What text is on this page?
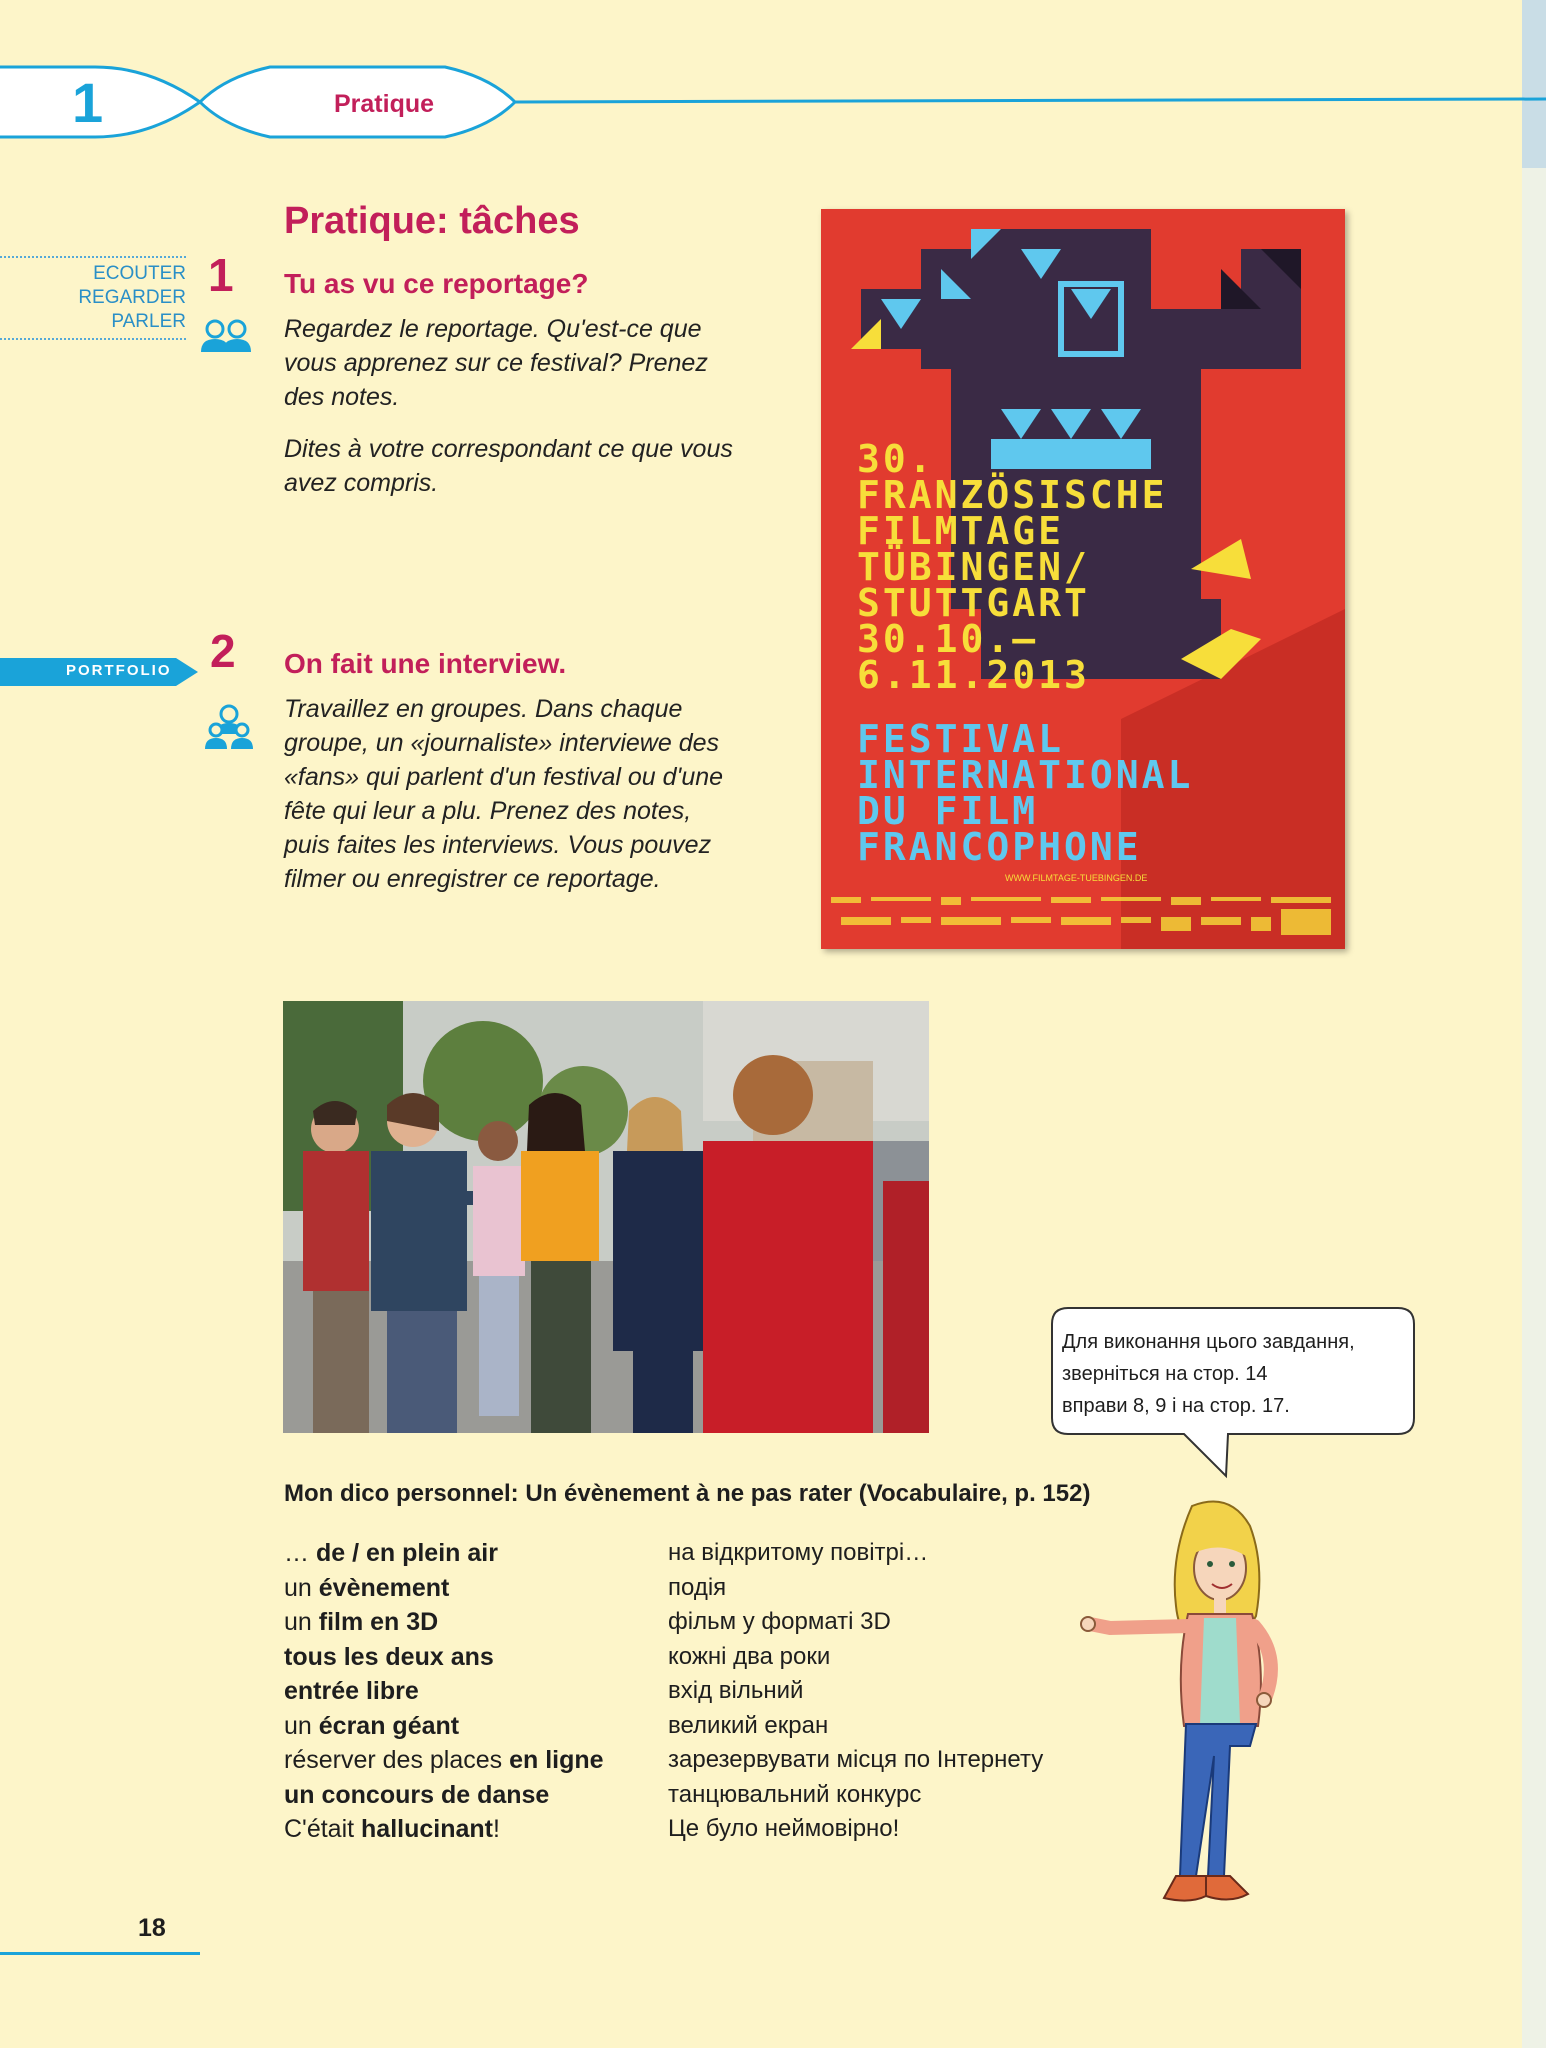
1	Pratique
Pratique: tâches
ECOUTER
REGARDER
PARLER
1 Tu as vu ce reportage?

Regardez le reportage. Qu'est-ce que vous apprenez sur ce festival? Prenez des notes.

Dites à votre correspondant ce que vous avez compris.

PORTFOLIO 2 On fait une interview.

Travaillez en groupes. Dans chaque groupe, un «journaliste» interviewe des «fans» qui parlent d'un festival ou d'une fête qui leur a plu. Prenez des notes, puis faites les interviews. Vous pouvez filmer ou enregistrer ce reportage.

30.
FRANZÖSISCHE
FILMTAGE
TÜBINGEN/
STUTTGART
30.10.–
6.11.2013

FESTIVAL
INTERNATIONAL
DU FILM
FRANCOPHONE

WWW.FILMTAGE-TUEBINGEN.DE

Для виконання цього завдання,
зверніться на стор. 14
вправи 8, 9 і на стор. 17.

Mon dico personnel: Un évènement à ne pas rater (Vocabulaire, p. 152)
… de / en plein air
un évènement
un film en 3D
tous les deux ans
entrée libre
un écran géant
réserver des places en ligne
un concours de danse
C'était hallucinant!
на відкритому повітрі…
подія
фільм у форматі 3D
кожні два роки
вхід вільний
великий екран
зарезервувати місця по Інтернету
танцювальний конкурс
Це було неймовірно!
18
